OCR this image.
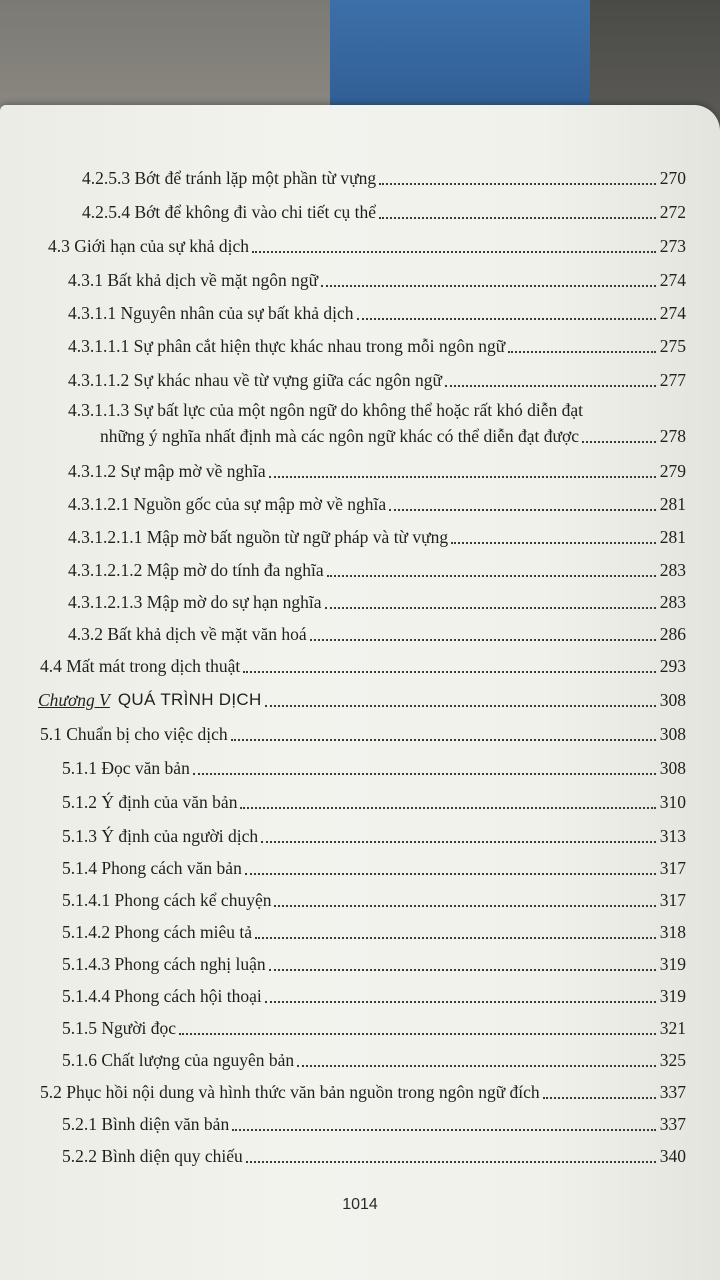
4.2.5.3 Bớt để tránh lặp một phần từ vựng	270
4.2.5.4 Bớt để không đi vào chi tiết cụ thể	272
4.3 Giới hạn của sự khả dịch	273
4.3.1 Bất khả dịch về mặt ngôn ngữ	274
4.3.1.1 Nguyên nhân của sự bất khả dịch	274
4.3.1.1.1 Sự phân cắt hiện thực khác nhau trong mỗi ngôn ngữ	275
4.3.1.1.2 Sự khác nhau về từ vựng giữa các ngôn ngữ	277
4.3.1.1.3 Sự bất lực của một ngôn ngữ do không thể hoặc rất khó diễn đạt
những ý nghĩa nhất định mà các ngôn ngữ khác có thể diễn đạt được	278
4.3.1.2 Sự mập mờ về nghĩa	279
4.3.1.2.1 Nguồn gốc của sự mập mờ về nghĩa	281
4.3.1.2.1.1 Mập mờ bất nguồn từ ngữ pháp và từ vựng	281
4.3.1.2.1.2 Mập mờ do tính đa nghĩa	283
4.3.1.2.1.3 Mập mờ do sự hạn nghĩa	283
4.3.2 Bất khả dịch về mặt văn hoá	286
4.4 Mất mát trong dịch thuật	293
Chương V QUÁ TRÌNH DỊCH	308
5.1 Chuẩn bị cho việc dịch	308
5.1.1 Đọc văn bản	308
5.1.2 Ý định của văn bản	310
5.1.3 Ý định của người dịch	313
5.1.4 Phong cách văn bản	317
5.1.4.1 Phong cách kể chuyện	317
5.1.4.2 Phong cách miêu tả	318
5.1.4.3 Phong cách nghị luận	319
5.1.4.4 Phong cách hội thoại	319
5.1.5 Người đọc	321
5.1.6 Chất lượng của nguyên bản	325
5.2 Phục hồi nội dung và hình thức văn bản nguồn trong ngôn ngữ đích	337
5.2.1 Bình diện văn bản	337
5.2.2 Bình diện quy chiếu	340
1014
